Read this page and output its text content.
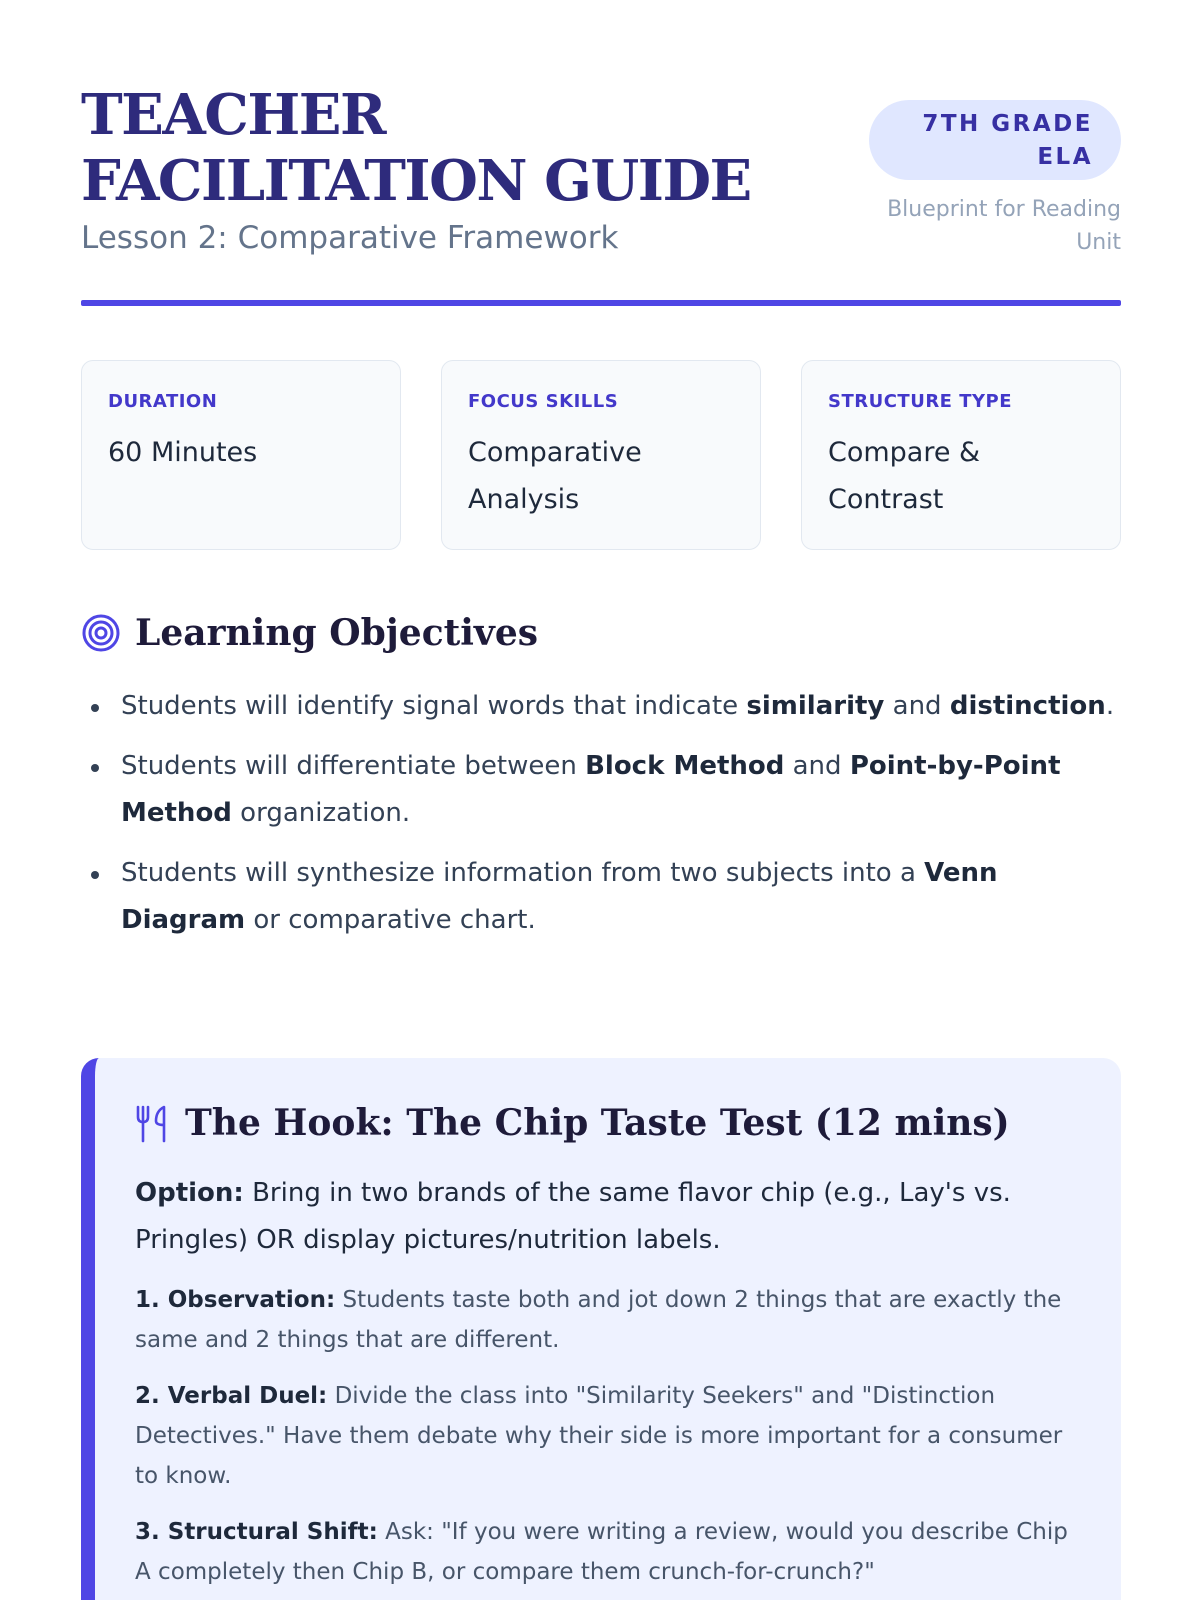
TEACHER FACILITATION GUIDE
Lesson 2: Comparative Framework
7TH GRADE ELA
Blueprint for Reading Unit
DURATION
60 Minutes
FOCUS SKILLS
Comparative Analysis
STRUCTURE TYPE
Compare & Contrast
Learning Objectives
Students will identify signal words that indicate similarity and distinction.
Students will differentiate between Block Method and Point-by-Point Method organization.
Students will synthesize information from two subjects into a Venn Diagram or comparative chart.
The Hook: The Chip Taste Test (12 mins)

Option: Bring in two brands of the same flavor chip (e.g., Lay's vs. Pringles) OR display pictures/nutrition labels.

1. Observation: Students taste both and jot down 2 things that are exactly the same and 2 things that are different.

2. Verbal Duel: Divide the class into "Similarity Seekers" and "Distinction Detectives." Have them debate why their side is more important for a consumer to know.

3. Structural Shift: Ask: "If you were writing a review, would you describe Chip A completely then Chip B, or compare them crunch-for-crunch?"
